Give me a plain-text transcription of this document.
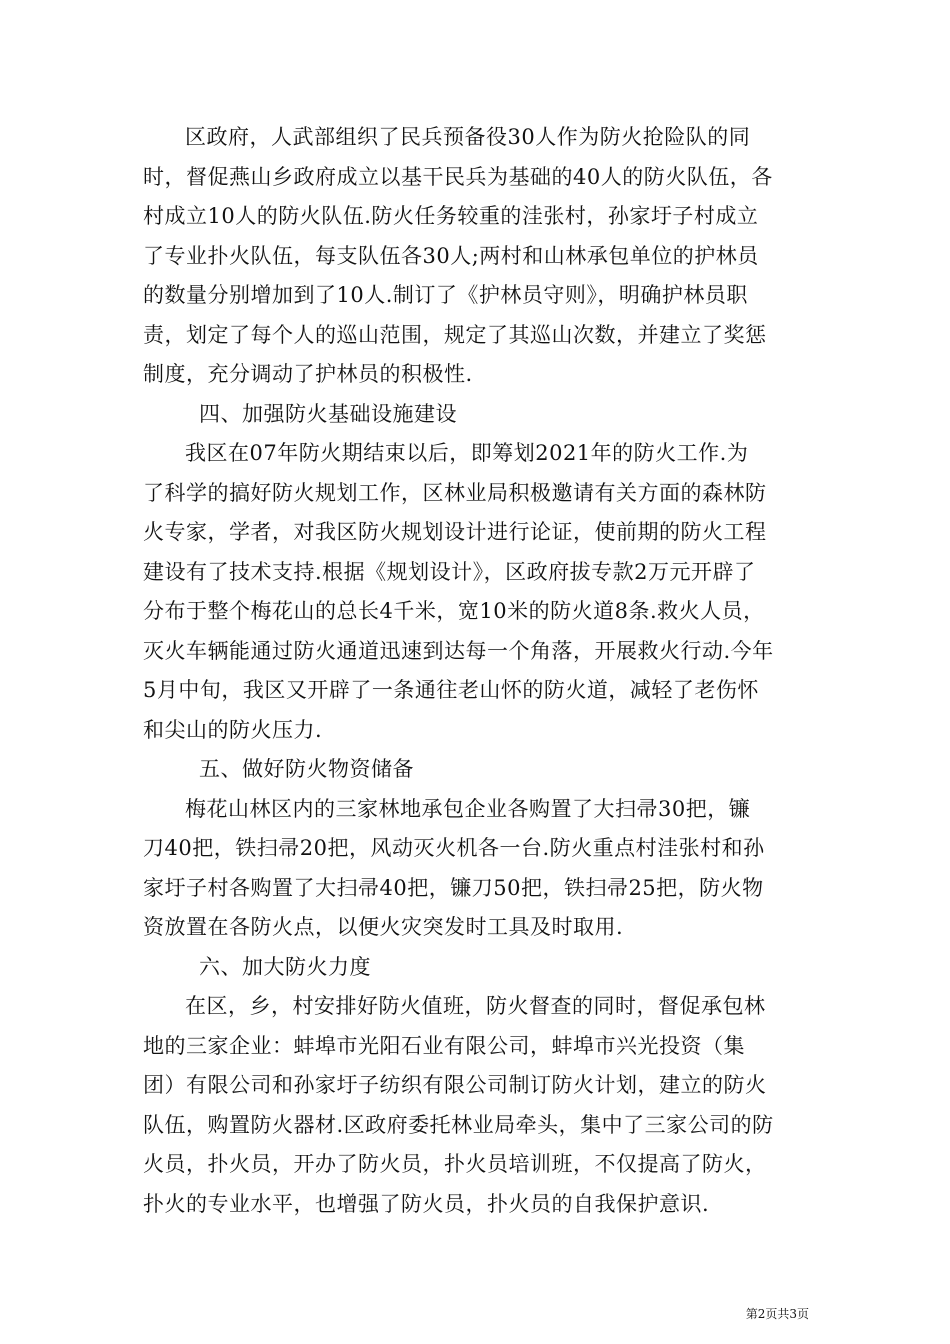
区政府，人武部组织了民兵预备役30人作为防火抢险队的同
时，督促燕山乡政府成立以基干民兵为基础的40人的防火队伍，各
村成立10人的防火队伍.防火任务较重的洼张村，孙家圩子村成立
了专业扑火队伍，每支队伍各30人;两村和山林承包单位的护林员
的数量分别增加到了10人.制订了《护林员守则》，明确护林员职
责，划定了每个人的巡山范围，规定了其巡山次数，并建立了奖惩
制度，充分调动了护林员的积极性.
四、加强防火基础设施建设
我区在07年防火期结束以后，即筹划2021年的防火工作.为
了科学的搞好防火规划工作，区林业局积极邀请有关方面的森林防
火专家，学者，对我区防火规划设计进行论证，使前期的防火工程
建设有了技术支持.根据《规划设计》，区政府拔专款2万元开辟了
分布于整个梅花山的总长4千米，宽10米的防火道8条.救火人员，
灭火车辆能通过防火通道迅速到达每一个角落，开展救火行动.今年
5月中旬，我区又开辟了一条通往老山怀的防火道，减轻了老伤怀
和尖山的防火压力.
五、做好防火物资储备
梅花山林区内的三家林地承包企业各购置了大扫帚30把，镰
刀40把，铁扫帚20把，风动灭火机各一台.防火重点村洼张村和孙
家圩子村各购置了大扫帚40把，镰刀50把，铁扫帚25把，防火物
资放置在各防火点，以便火灾突发时工具及时取用.
六、加大防火力度
在区，乡，村安排好防火值班，防火督查的同时，督促承包林
地的三家企业：蚌埠市光阳石业有限公司，蚌埠市兴光投资（集
团）有限公司和孙家圩子纺织有限公司制订防火计划，建立的防火
队伍，购置防火器材.区政府委托林业局牵头，集中了三家公司的防
火员，扑火员，开办了防火员，扑火员培训班，不仅提高了防火，
扑火的专业水平，也增强了防火员，扑火员的自我保护意识.
第2页共3页
